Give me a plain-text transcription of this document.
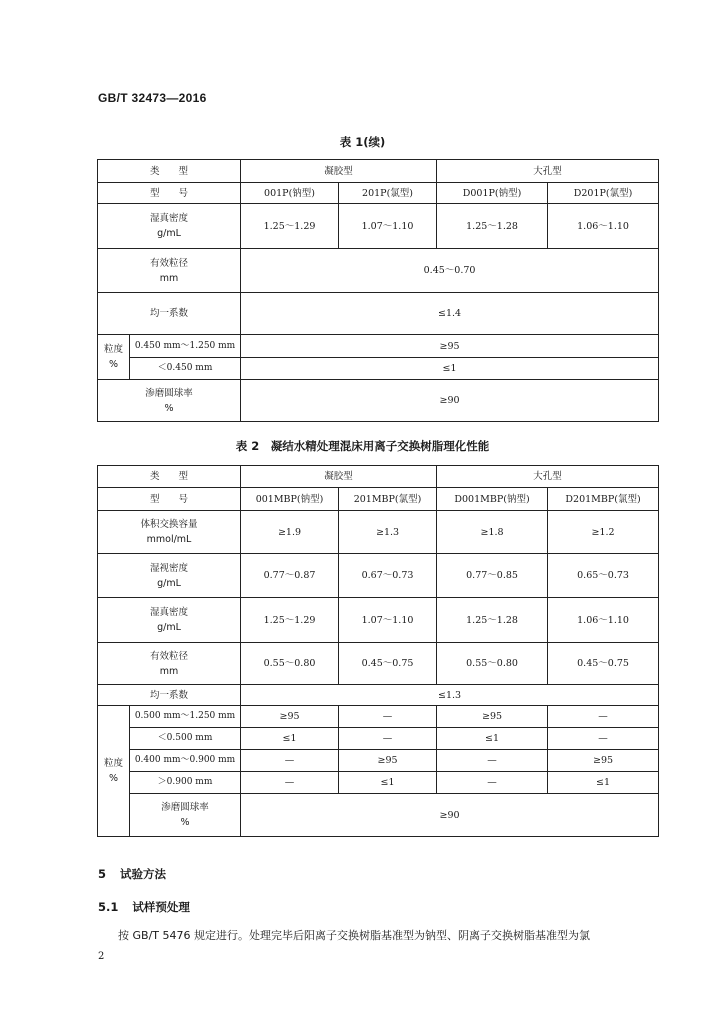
GB/T 32473—2016
表 1(续)
类　　型		凝胶型		大孔型	
型　　号		001P(钠型)	201P(氯型)	D001P(钠型)	D201P(氯型)

湿真密度
g/mL		1.25～1.29	1.07～1.10	1.25～1.28	1.06～1.10

有效粒径
mm		0.45～0.70			
均一系数		≤1.4			

粒度
%	0.450 mm～1.250 mm	≥95			
	＜0.450 mm	≤1			

渗磨圆球率
%		≥90			
表 2　凝结水精处理混床用离子交换树脂理化性能
类　　型		凝胶型		大孔型	
型　　号		001MBP(钠型)	201MBP(氯型)	D001MBP(钠型)	D201MBP(氯型)

体积交换容量
mmol/mL		≥1.9	≥1.3	≥1.8	≥1.2

湿视密度
g/mL		0.77～0.87	0.67～0.73	0.77～0.85	0.65～0.73

湿真密度
g/mL		1.25～1.29	1.07～1.10	1.25～1.28	1.06～1.10

有效粒径
mm		0.55～0.80	0.45～0.75	0.55～0.80	0.45～0.75
均一系数		≤1.3			

粒度
%	0.500 mm～1.250 mm	≥95	—	≥95	—
	＜0.500 mm	≤1	—	≤1	—
	0.400 mm～0.900 mm	—	≥95	—	≥95
	＞0.900 mm	—	≤1	—	≤1

	渗磨圆球率
%	≥90			
5 试验方法
5.1 试样预处理
按 GB/T 5476 规定进行。处理完毕后阳离子交换树脂基准型为钠型、阴离子交换树脂基准型为氯
2
